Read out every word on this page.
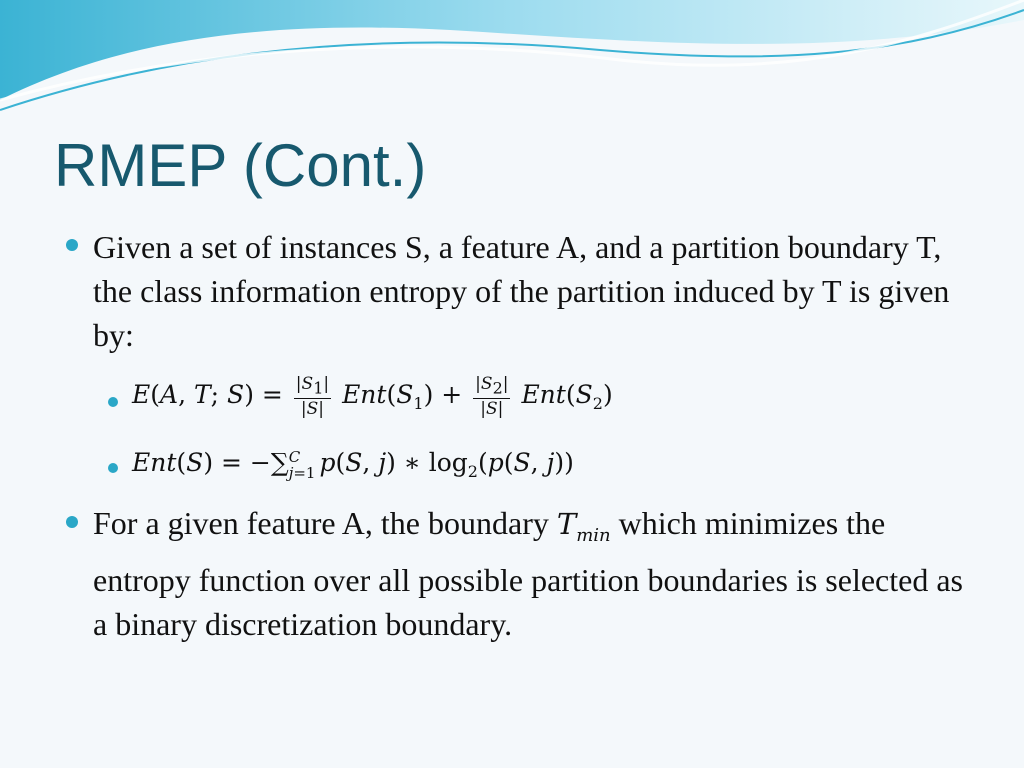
RMEP (Cont.)
Given a set of instances S, a feature A, and a partition boundary T, the class information entropy of the partition induced by T is given by:
E(A, T; $S) = \frac{|S_1|}{|S|} Ent(S_1) + \frac{|S_2|}{|S|} Ent(S_2)$
Ent(S) = −∑ C
j=1 p(S, j) ∗ $\log_2(p(S$, j))
For a given feature A, the boundary $T_{min}$ which minimizes the entropy function over all possible partition boundaries is selected as a binary discretization boundary.
